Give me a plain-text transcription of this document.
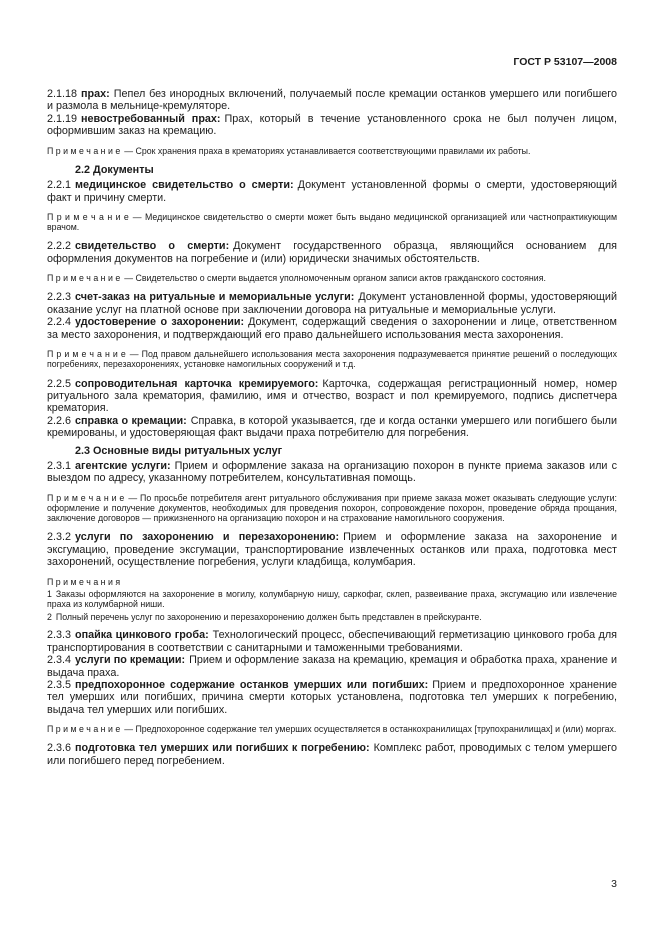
ГОСТ Р 53107—2008

2.1.18 прах: Пепел без инородных включений, получаемый после кремации останков умершего или погибшего и размола в мельнице-кремуляторе.

2.1.19 невостребованный прах: Прах, который в течение установленного срока не был получен лицом, оформившим заказ на кремацию.

П р и м е ч а н и е — Срок хранения праха в крематориях устанавливается соответствующими правилами их работы.

2.2 Документы

2.2.1 медицинское свидетельство о смерти: Документ установленной формы о смерти, удостоверяющий факт и причину смерти.

П р и м е ч а н и е — Медицинское свидетельство о смерти может быть выдано медицинской организацией или частнопрактикующим врачом.

2.2.2 свидетельство о смерти: Документ государственного образца, являющийся основанием для оформления документов на погребение и (или) юридически значимых обстоятельств.

П р и м е ч а н и е — Свидетельство о смерти выдается уполномоченным органом записи актов гражданского состояния.

2.2.3 счет-заказ на ритуальные и мемориальные услуги: Документ установленной формы, удостоверяющий оказание услуг на платной основе при заключении договора на ритуальные и мемориальные услуги.

2.2.4 удостоверение о захоронении: Документ, содержащий сведения о захоронении и лице, ответственном за место захоронения, и подтверждающий его право дальнейшего использования места захоронения.

П р и м е ч а н и е — Под правом дальнейшего использования места захоронения подразумевается принятие решений о последующих погребениях, перезахоронениях, установке намогильных сооружений и т.д.

2.2.5 сопроводительная карточка кремируемого: Карточка, содержащая регистрационный номер, номер ритуального зала крематория, фамилию, имя и отчество, возраст и пол кремируемого, подпись диспетчера крематория.

2.2.6 справка о кремации: Справка, в которой указывается, где и когда останки умершего или погибшего были кремированы, и удостоверяющая факт выдачи праха потребителю для погребения.

2.3 Основные виды ритуальных услуг

2.3.1 агентские услуги: Прием и оформление заказа на организацию похорон в пункте приема заказов или с выездом по адресу, указанному потребителем, консультативная помощь.

П р и м е ч а н и е — По просьбе потребителя агент ритуального обслуживания при приеме заказа может оказывать следующие услуги: оформление и получение документов, необходимых для проведения похорон, сопровождение похорон, проведение обряда прощания, заключение договоров — прижизненного на организацию похорон и на страхование намогильного сооружения.

2.3.2 услуги по захоронению и перезахоронению: Прием и оформление заказа на захоронение и эксгумацию, проведение эксгумации, транспортирование извлеченных останков или праха, подготовка мест захоронений, осуществление погребения, услуги кладбища, колумбария.

П р и м е ч а н и я

1 Заказы оформляются на захоронение в могилу, колумбарную нишу, саркофаг, склеп, развеивание праха, эксгумацию или извлечение праха из колумбарной ниши.

2 Полный перечень услуг по захоронению и перезахоронению должен быть представлен в прейскуранте.

2.3.3 опайка цинкового гроба: Технологический процесс, обеспечивающий герметизацию цинкового гроба для транспортирования в соответствии с санитарными и таможенными требованиями.

2.3.4 услуги по кремации: Прием и оформление заказа на кремацию, кремация и обработка праха, хранение и выдача праха.

2.3.5 предпохоронное содержание останков умерших или погибших: Прием и предпохоронное хранение тел умерших или погибших, причина смерти которых установлена, подготовка тел умерших к погребению, выдача тел умерших или погибших.

П р и м е ч а н и е — Предпохоронное содержание тел умерших осуществляется в останкохранилищах [трупохранилищах] и (или) моргах.

2.3.6 подготовка тел умерших или погибших к погребению: Комплекс работ, проводимых с телом умершего или погибшего перед погребением.

3
